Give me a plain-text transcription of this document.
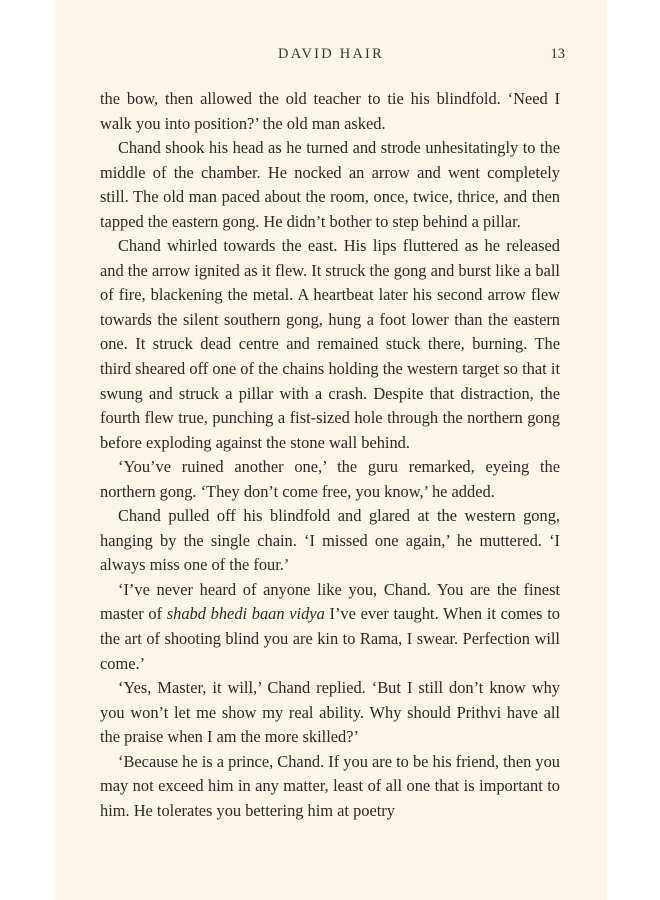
DAVID HAIR	13

the bow, then allowed the old teacher to tie his blindfold. ‘Need I walk you into position?’ the old man asked.

Chand shook his head as he turned and strode unhesitatingly to the middle of the chamber. He nocked an arrow and went completely still. The old man paced about the room, once, twice, thrice, and then tapped the eastern gong. He didn’t bother to step behind a pillar.

Chand whirled towards the east. His lips fluttered as he released and the arrow ignited as it flew. It struck the gong and burst like a ball of fire, blackening the metal. A heartbeat later his second arrow flew towards the silent southern gong, hung a foot lower than the eastern one. It struck dead centre and remained stuck there, burning. The third sheared off one of the chains holding the western target so that it swung and struck a pillar with a crash. Despite that distraction, the fourth flew true, punching a fist-sized hole through the northern gong before exploding against the stone wall behind.

‘You’ve ruined another one,’ the guru remarked, eyeing the northern gong. ‘They don’t come free, you know,’ he added.

Chand pulled off his blindfold and glared at the western gong, hanging by the single chain. ‘I missed one again,’ he muttered. ‘I always miss one of the four.’

‘I’ve never heard of anyone like you, Chand. You are the finest master of shabd bhedi baan vidya I’ve ever taught. When it comes to the art of shooting blind you are kin to Rama, I swear. Perfection will come.’

‘Yes, Master, it will,’ Chand replied. ‘But I still don’t know why you won’t let me show my real ability. Why should Prithvi have all the praise when I am the more skilled?’

‘Because he is a prince, Chand. If you are to be his friend, then you may not exceed him in any matter, least of all one that is important to him. He tolerates you bettering him at poetry
